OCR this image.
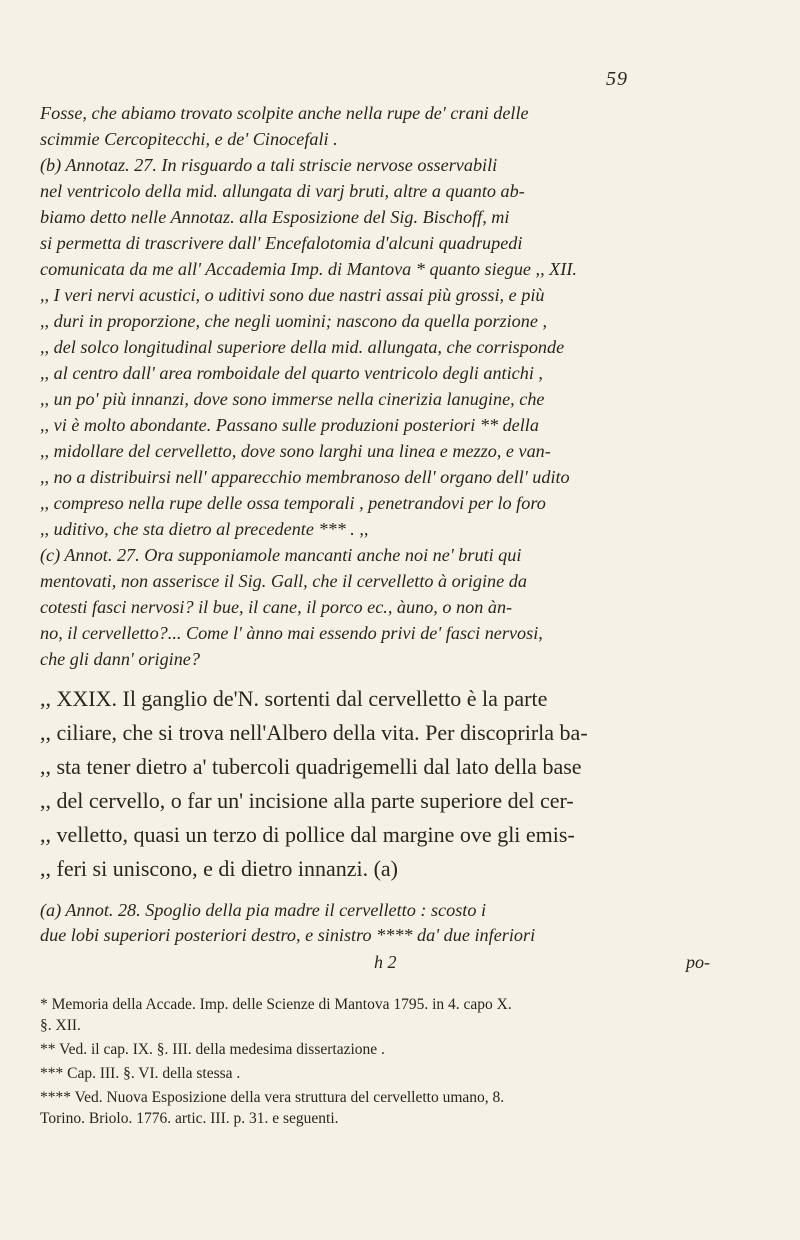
59
Fosse, che abiamo trovato scolpite anche nella rupe de' crani delle
scimmie Cercopitecchi, e de' Cinocefali .
(b) Annotaz. 27. In risguardo a tali striscie nervose osservabili
nel ventricolo della mid. allungata di varj bruti, altre a quanto ab-
biamo detto nelle Annotaz. alla Esposizione del Sig. Bischoff, mi
si permetta di trascrivere dall' Encefalotomia d'alcuni quadrupedi
comunicata da me all' Accademia Imp. di Mantova * quanto siegue ,, XII.
,, I veri nervi acustici, o uditivi sono due nastri assai più grossi, e più
,, duri in proporzione, che negli uomini; nascono da quella porzione ,
,, del solco longitudinal superiore della mid. allungata, che corrisponde
,, al centro dall' area romboidale del quarto ventricolo degli antichi ,
,, un po' più innanzi, dove sono immerse nella cinerizia lanugine, che
,, vi è molto abondante. Passano sulle produzioni posteriori ** della
,, midollare del cervelletto, dove sono larghi una linea e mezzo, e van-
,, no a distribuirsi nell' apparecchio membranoso dell' organo dell' udito
,, compreso nella rupe delle ossa temporali , penetrandovi per lo foro
,, uditivo, che sta dietro al precedente *** . ,,
(c) Annot. 27. Ora supponiamole mancanti anche noi ne' bruti qui
mentovati, non asserisce il Sig. Gall, che il cervelletto à origine da
cotesti fasci nervosi? il bue, il cane, il porco ec., àuno, o non àn-
no, il cervelletto?... Come l' ànno mai essendo privi de' fasci nervosi,
che gli dann' origine?
,, XXIX. Il ganglio de'N. sortenti dal cervelletto è la parte
,, ciliare, che si trova nell'Albero della vita. Per discoprirla ba-
,, sta tener dietro a' tubercoli quadrigemelli dal lato della base
,, del cervello, o far un' incisione alla parte superiore del cer-
,, velletto, quasi un terzo di pollice dal margine ove gli emis-
,, feri si uniscono, e di dietro innanzi. (a)
(a) Annot. 28. Spoglio della pia madre il cervelletto : scosto i
due lobi superiori posteriori destro, e sinistro **** da' due inferiori
h 2	po-
* Memoria della Accade. Imp. delle Scienze di Mantova 1795. in 4. capo X.
§. XII.
** Ved. il cap. IX. §. III. della medesima dissertazione .
*** Cap. III. §. VI. della stessa .
**** Ved. Nuova Esposizione della vera struttura del cervelletto umano, 8.
Torino. Briolo. 1776. artic. III. p. 31. e seguenti.
